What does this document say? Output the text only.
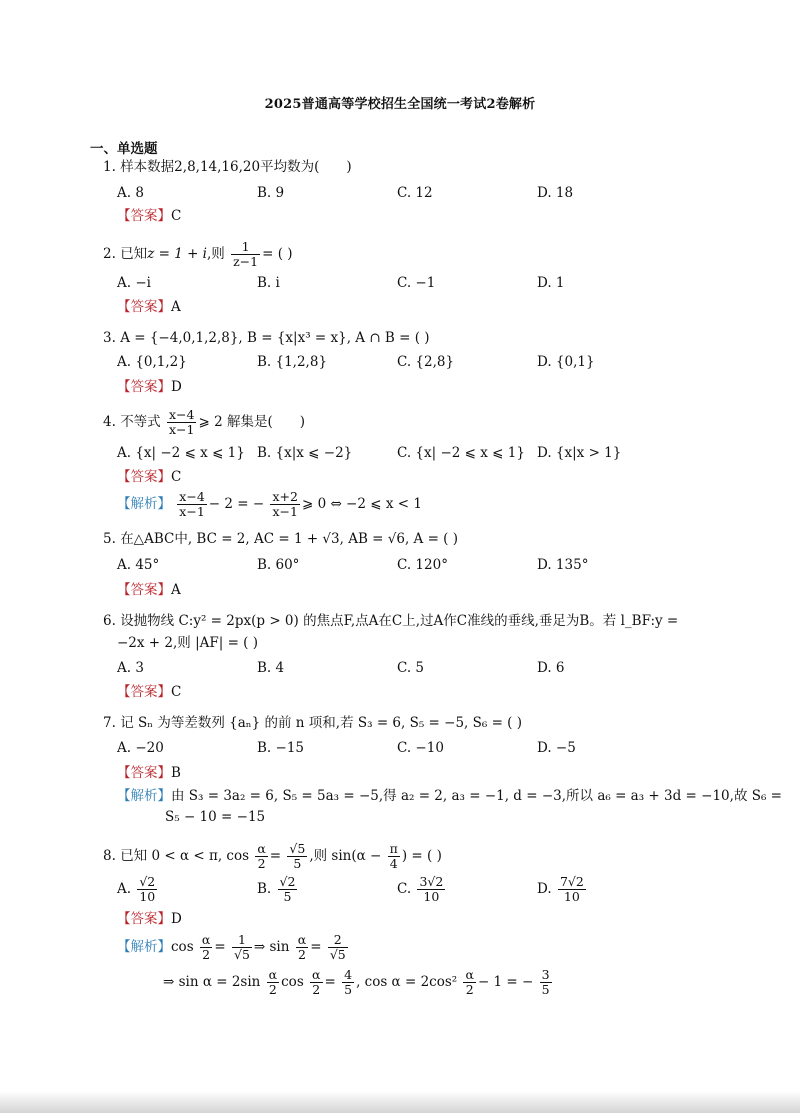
2025普通高等学校招生全国统一考试2卷解析
一、单选题
1. 样本数据2,8,14,16,20平均数为(　　)
A. 8	B. 9	C. 12	D. 18
【答案】C
2. 已知z = 1 + i,则 $\frac{1}{z-1}$ = ( )
A. −i	B. i	C. −1	D. 1
【答案】A
3. A = {−4,0,1,2,8}, B = {x|x³ = x}, A ∩ B = ( )
A. {0,1,2}	B. {1,2,8}	C. {2,8}	D. {0,1}
【答案】D
4. 不等式 $\frac{x-4}{x-1}$ ⩾ 2 解集是(　　)
A. {x| −2 ⩽ x ⩽ 1} B. {x|x ⩽ −2}	C. {x| −2 ⩽ x ⩽ 1} D. {x|x > 1}
【答案】C
【解析】 $\frac{x-4}{x-1} - 2$ = − $\frac{x+2}{x-1}$ ⩾ 0 ⇔ −2 ⩽ x < 1
5. 在△ABC中, BC = 2, AC = 1 + √3, AB = √6, A = ( )
A. 45°	B. 60°	C. 120°	D. 135°
【答案】A
6. 设抛物线 C:y² = 2px(p > 0) 的焦点F,点A在C上,过A作C准线的垂线,垂足为B。若 l_BF:y =
−2x + 2,则 |AF| = ( )
A. 3	B. 4	C. 5	D. 6
【答案】C
7. 记 Sₙ 为等差数列 {aₙ} 的前 n 项和,若 S₃ = 6, S₅ = −5, S₆ = ( )
A. −20	B. −15	C. −10	D. −5
【答案】B
【解析】由 S₃ = 3a₂ = 6, S₅ = 5a₃ = −5,得 a₂ = 2, a₃ = −1, d = −3,所以 a₆ = a₃ + 3d = −10,故 S₆ =
S₅ − 10 = −15
8. 已知 0 < α < π, $\cos \frac{\alpha}{2} = \frac{√5}{5}$ ,则 $\sin(\alpha - \frac{\pi}{4}$ ) = ( )
A. $\frac{√2}{10}$	B. $\frac{√2}{5}$	C. $\frac{3√2}{10}$	D. $\frac{7√2}{10}$
【答案】D
【解析】$\cos \frac{\alpha}{2} = \frac{1}{√5}$ ⇒ $\sin \frac{\alpha}{2} = \frac{2}{√5}$
⇒ $\sin \alpha = 2\sin \frac{\alpha}{2}$ $\cos \frac{\alpha}{2} = \frac{4}{5}$ , $\cos \alpha = 2\cos^2 \frac{\alpha}{2} - 1$ = − $\frac{3}{5}$
